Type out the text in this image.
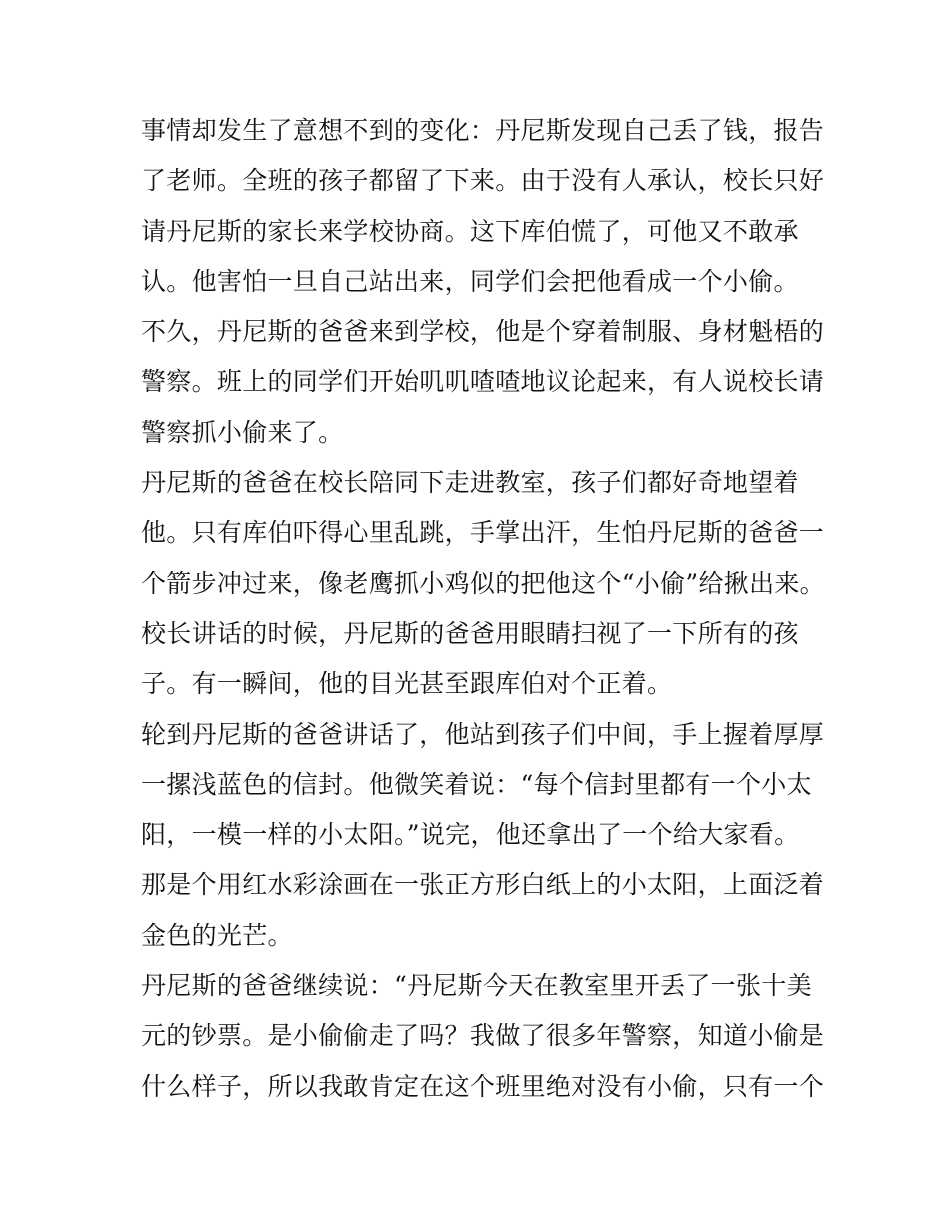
事情却发生了意想不到的变化：丹尼斯发现自己丢了钱，报告
了老师。全班的孩子都留了下来。由于没有人承认，校长只好
请丹尼斯的家长来学校协商。这下库伯慌了，可他又不敢承
认。他害怕一旦自己站出来，同学们会把他看成一个小偷。
不久，丹尼斯的爸爸来到学校，他是个穿着制服、身材魁梧的
警察。班上的同学们开始叽叽喳喳地议论起来，有人说校长请
警察抓小偷来了。
丹尼斯的爸爸在校长陪同下走进教室，孩子们都好奇地望着
他。只有库伯吓得心里乱跳，手掌出汗，生怕丹尼斯的爸爸一
个箭步冲过来，像老鹰抓小鸡似的把他这个“小偷”给揪出来。
校长讲话的时候，丹尼斯的爸爸用眼睛扫视了一下所有的孩
子。有一瞬间，他的目光甚至跟库伯对个正着。
轮到丹尼斯的爸爸讲话了，他站到孩子们中间，手上握着厚厚
一摞浅蓝色的信封。他微笑着说：“每个信封里都有一个小太
阳，一模一样的小太阳。”说完，他还拿出了一个给大家看。
那是个用红水彩涂画在一张正方形白纸上的小太阳，上面泛着
金色的光芒。
丹尼斯的爸爸继续说：“丹尼斯今天在教室里开丢了一张十美
元的钞票。是小偷偷走了吗？我做了很多年警察，知道小偷是
什么样子，所以我敢肯定在这个班里绝对没有小偷，只有一个
